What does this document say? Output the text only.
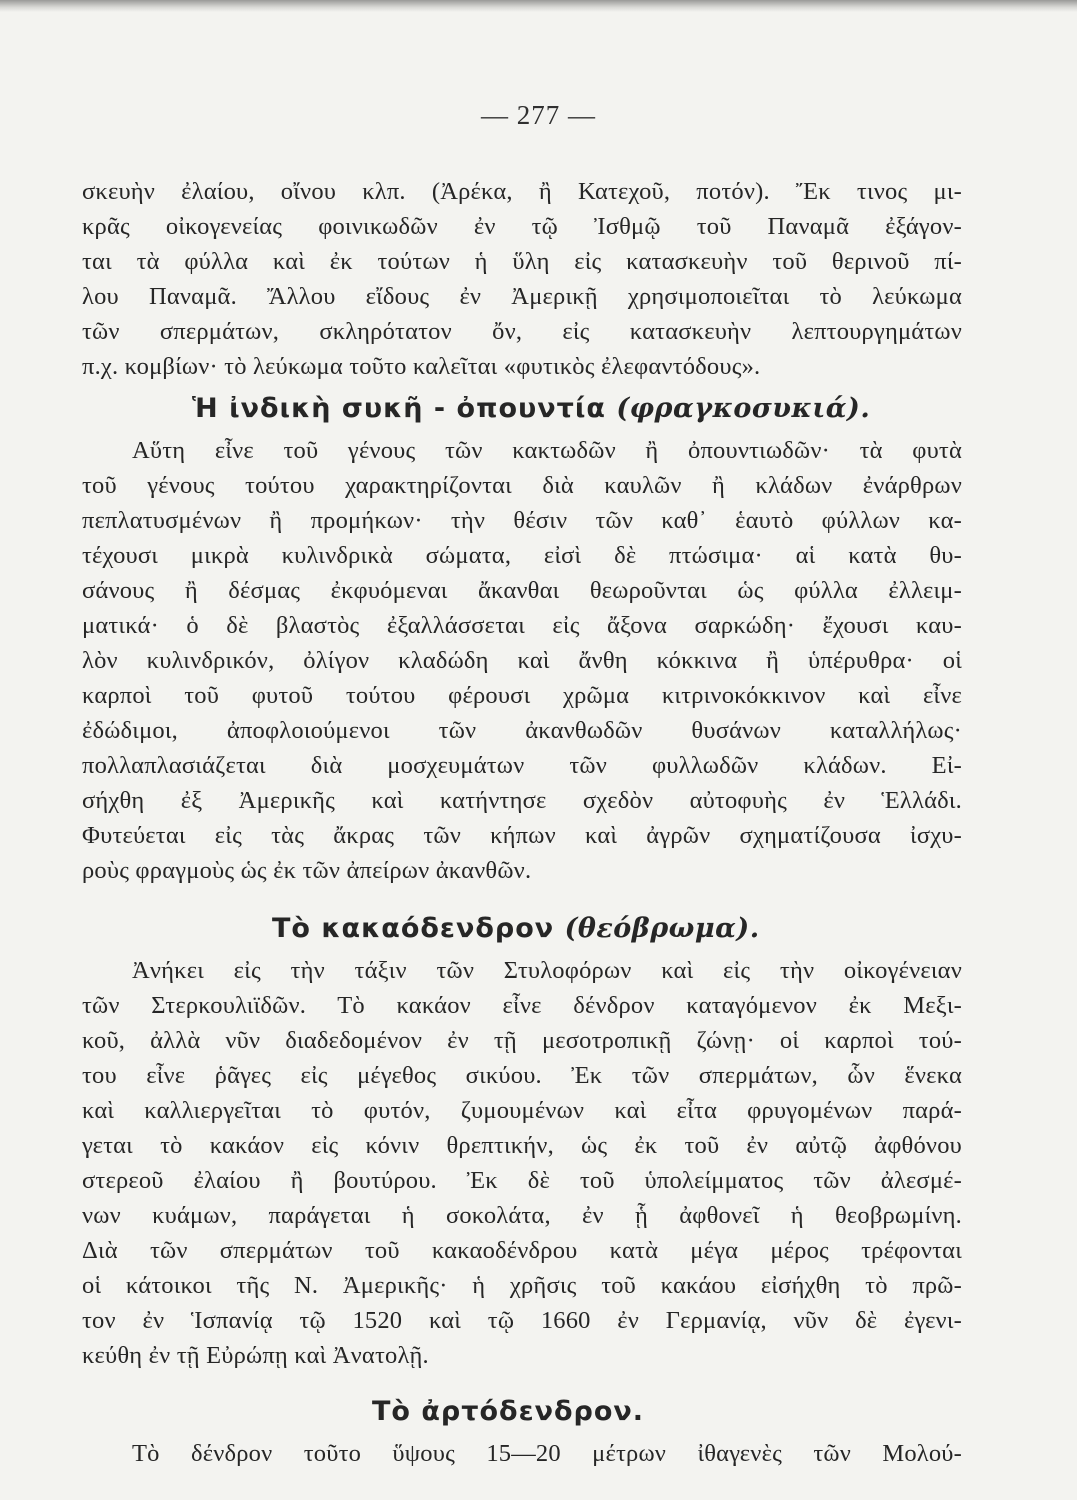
— 277 —
σκευὴν ἐλαίου, οἴνου κλπ. (Ἀρέκα, ἢ Κατεχοῦ, ποτόν). Ἔκ τινος μι-
κρᾶς οἰκογενείας φοινικωδῶν ἐν τῷ Ἰσθμῷ τοῦ Παναμᾶ ἐξάγον-
ται τὰ φύλλα καὶ ἐκ τούτων ἡ ὕλη εἰς κατασκευὴν τοῦ θερινοῦ πί-
λου Παναμᾶ. Ἄλλου εἴδους ἐν Ἀμερικῇ χρησιμοποιεῖται τὸ λεύκωμα
τῶν σπερμάτων, σκληρότατον ὄν, εἰς κατασκευὴν λεπτουργημάτων
π.χ. κομβίων· τὸ λεύκωμα τοῦτο καλεῖται «φυτικὸς ἐλεφαντόδους».
Ἡ ἰνδικὴ συκῆ - ὀπουντία (φραγκοσυκιά).
Αὕτη εἶνε τοῦ γένους τῶν κακτωδῶν ἢ ὀπουντιωδῶν· τὰ φυτὰ
τοῦ γένους τούτου χαρακτηρίζονται διὰ καυλῶν ἢ κλάδων ἐνάρθρων
πεπλατυσμένων ἢ προμήκων· τὴν θέσιν τῶν καθ᾽ ἑαυτὸ φύλλων κα-
τέχουσι μικρὰ κυλινδρικὰ σώματα, εἰσὶ δὲ πτώσιμα· αἱ κατὰ θυ-
σάνους ἢ δέσμας ἐκφυόμεναι ἄκανθαι θεωροῦνται ὡς φύλλα ἐλλειμ-
ματικά· ὁ δὲ βλαστὸς ἐξαλλάσσεται εἰς ἄξονα σαρκώδη· ἔχουσι καυ-
λὸν κυλινδρικόν, ὀλίγον κλαδώδη καὶ ἄνθη κόκκινα ἢ ὑπέρυθρα· οἱ
καρποὶ τοῦ φυτοῦ τούτου φέρουσι χρῶμα κιτρινοκόκκινον καὶ εἶνε
ἐδώδιμοι, ἀποφλοιούμενοι τῶν ἀκανθωδῶν θυσάνων καταλλήλως·
πολλαπλασιάζεται διὰ μοσχευμάτων τῶν φυλλωδῶν κλάδων. Εἰ-
σήχθη ἐξ Ἀμερικῆς καὶ κατήντησε σχεδὸν αὐτοφυὴς ἐν Ἑλλάδι.
Φυτεύεται εἰς τὰς ἄκρας τῶν κήπων καὶ ἀγρῶν σχηματίζουσα ἰσχυ-
ροὺς φραγμοὺς ὡς ἐκ τῶν ἀπείρων ἀκανθῶν.
Τὸ κακαόδενδρον (θεόβρωμα).
Ἀνήκει εἰς τὴν τάξιν τῶν Στυλοφόρων καὶ εἰς τὴν οἰκογένειαν
τῶν Στερκουλιϊδῶν. Τὸ κακάον εἶνε δένδρον καταγόμενον ἐκ Μεξι-
κοῦ, ἀλλὰ νῦν διαδεδομένον ἐν τῇ μεσοτροπικῇ ζώνῃ· οἱ καρποὶ τού-
του εἶνε ῥᾶγες εἰς μέγεθος σικύου. Ἐκ τῶν σπερμάτων, ὧν ἕνεκα
καὶ καλλιεργεῖται τὸ φυτόν, ζυμουμένων καὶ εἶτα φρυγομένων παρά-
γεται τὸ κακάον εἰς κόνιν θρεπτικήν, ὡς ἐκ τοῦ ἐν αὐτῷ ἀφθόνου
στερεοῦ ἐλαίου ἢ βουτύρου. Ἐκ δὲ τοῦ ὑπολείμματος τῶν ἀλεσμέ-
νων κυάμων, παράγεται ἡ σοκολάτα, ἐν ᾗ ἀφθονεῖ ἡ θεοβρωμίνη.
Διὰ τῶν σπερμάτων τοῦ κακαοδένδρου κατὰ μέγα μέρος τρέφονται
οἱ κάτοικοι τῆς Ν. Ἀμερικῆς· ἡ χρῆσις τοῦ κακάου εἰσήχθη τὸ πρῶ-
τον ἐν Ἱσπανίᾳ τῷ 1520 καὶ τῷ 1660 ἐν Γερμανίᾳ, νῦν δὲ ἐγενι-
κεύθη ἐν τῇ Εὐρώπῃ καὶ Ἀνατολῇ.
Τὸ ἀρτόδενδρον.
Τὸ δένδρον τοῦτο ὕψους 15—20 μέτρων ἰθαγενὲς τῶν Μολού-
